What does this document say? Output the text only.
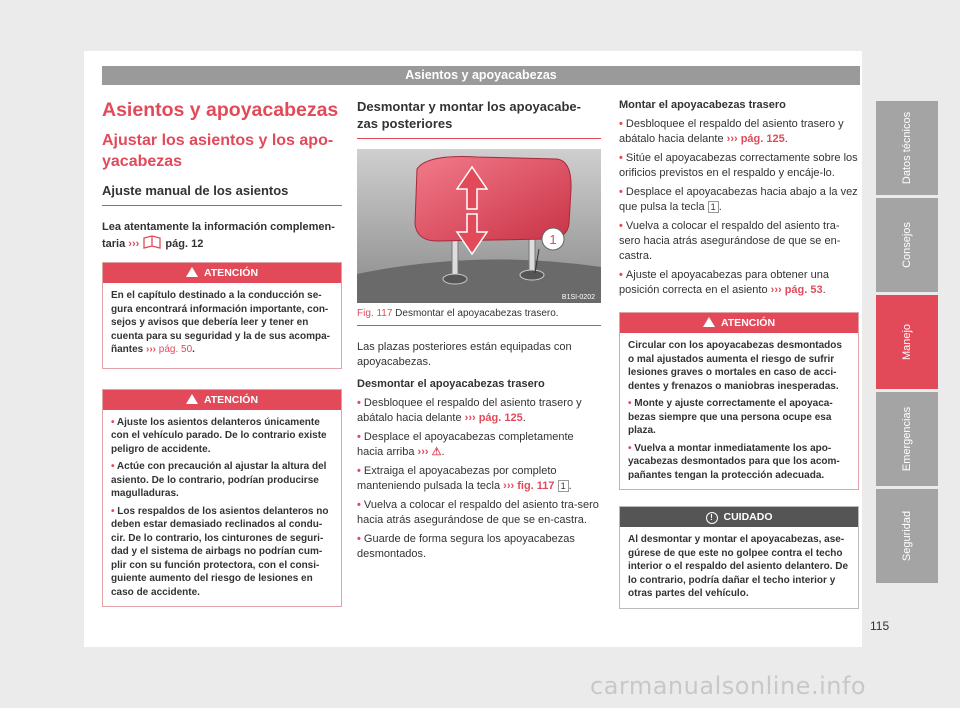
Asientos y apoyacabezas
Asientos y apoyacabezas
Ajustar los asientos y los apo-yacabezas
Ajuste manual de los asientos

Lea atentamente la información complemen-taria ›››  pág. 12

ATENCIÓN

En el capítulo destinado a la conducción se-gura encontrará información importante, con-sejos y avisos que debería leer y tener en cuenta para su seguridad y la de sus acompa-ñantes ››› pág. 50.

ATENCIÓN

• Ajuste los asientos delanteros únicamente con el vehículo parado. De lo contrario existe peligro de accidente.

• Actúe con precaución al ajustar la altura del asiento. De lo contrario, podrían producirse magulladuras.

• Los respaldos de los asientos delanteros no deben estar demasiado reclinados al condu-cir. De lo contrario, los cinturones de seguri-dad y el sistema de airbags no podrían cum-plir con su función protectora, con el consi-guiente aumento del riesgo de lesiones en caso de accidente.

Desmontar y montar los apoyacabe-zas posteriores
1
B1SI-0202

Fig. 117 Desmontar el apoyacabezas trasero.

Las plazas posteriores están equipadas con apoyacabezas.

Desmontar el apoyacabezas trasero

• Desbloquee el respaldo del asiento trasero y abátalo hacia delante ››› pág. 125.
• Desplace el apoyacabezas completamente hacia arriba ››› ⚠.
• Extraiga el apoyacabezas por completo manteniendo pulsada la tecla ››› fig. 117 1 .
• Vuelva a colocar el respaldo del asiento tra-sero hacia atrás asegurándose de que se en-castra.
• Guarde de forma segura los apoyacabezas desmontados.

Montar el apoyacabezas trasero

• Desbloquee el respaldo del asiento trasero y abátalo hacia delante ››› pág. 125.
• Sitúe el apoyacabezas correctamente sobre los orificios previstos en el respaldo y encáje-lo.
• Desplace el apoyacabezas hacia abajo a la vez que pulsa la tecla 1 .
• Vuelva a colocar el respaldo del asiento tra-sero hacia atrás asegurándose de que se en-castra.
• Ajuste el apoyacabezas para obtener una posición correcta en el asiento ››› pág. 53.
ATENCIÓN

Circular con los apoyacabezas desmontados o mal ajustados aumenta el riesgo de sufrir lesiones graves o mortales en caso de acci-dentes y frenazos o maniobras inesperadas.

• Monte y ajuste correctamente el apoyaca-bezas siempre que una persona ocupe esa plaza.

• Vuelva a montar inmediatamente los apo-yacabezas desmontados para que los acom-pañantes tengan la protección adecuada.

! CUIDADO

Al desmontar y montar el apoyacabezas, ase-gúrese de que este no golpee contra el techo interior o el respaldo del asiento delantero. De lo contrario, podría dañar el techo interior y otras partes del vehículo.

Datos técnicos
Consejos
Manejo
Emergencias
Seguridad
115
carmanualsonline.info
